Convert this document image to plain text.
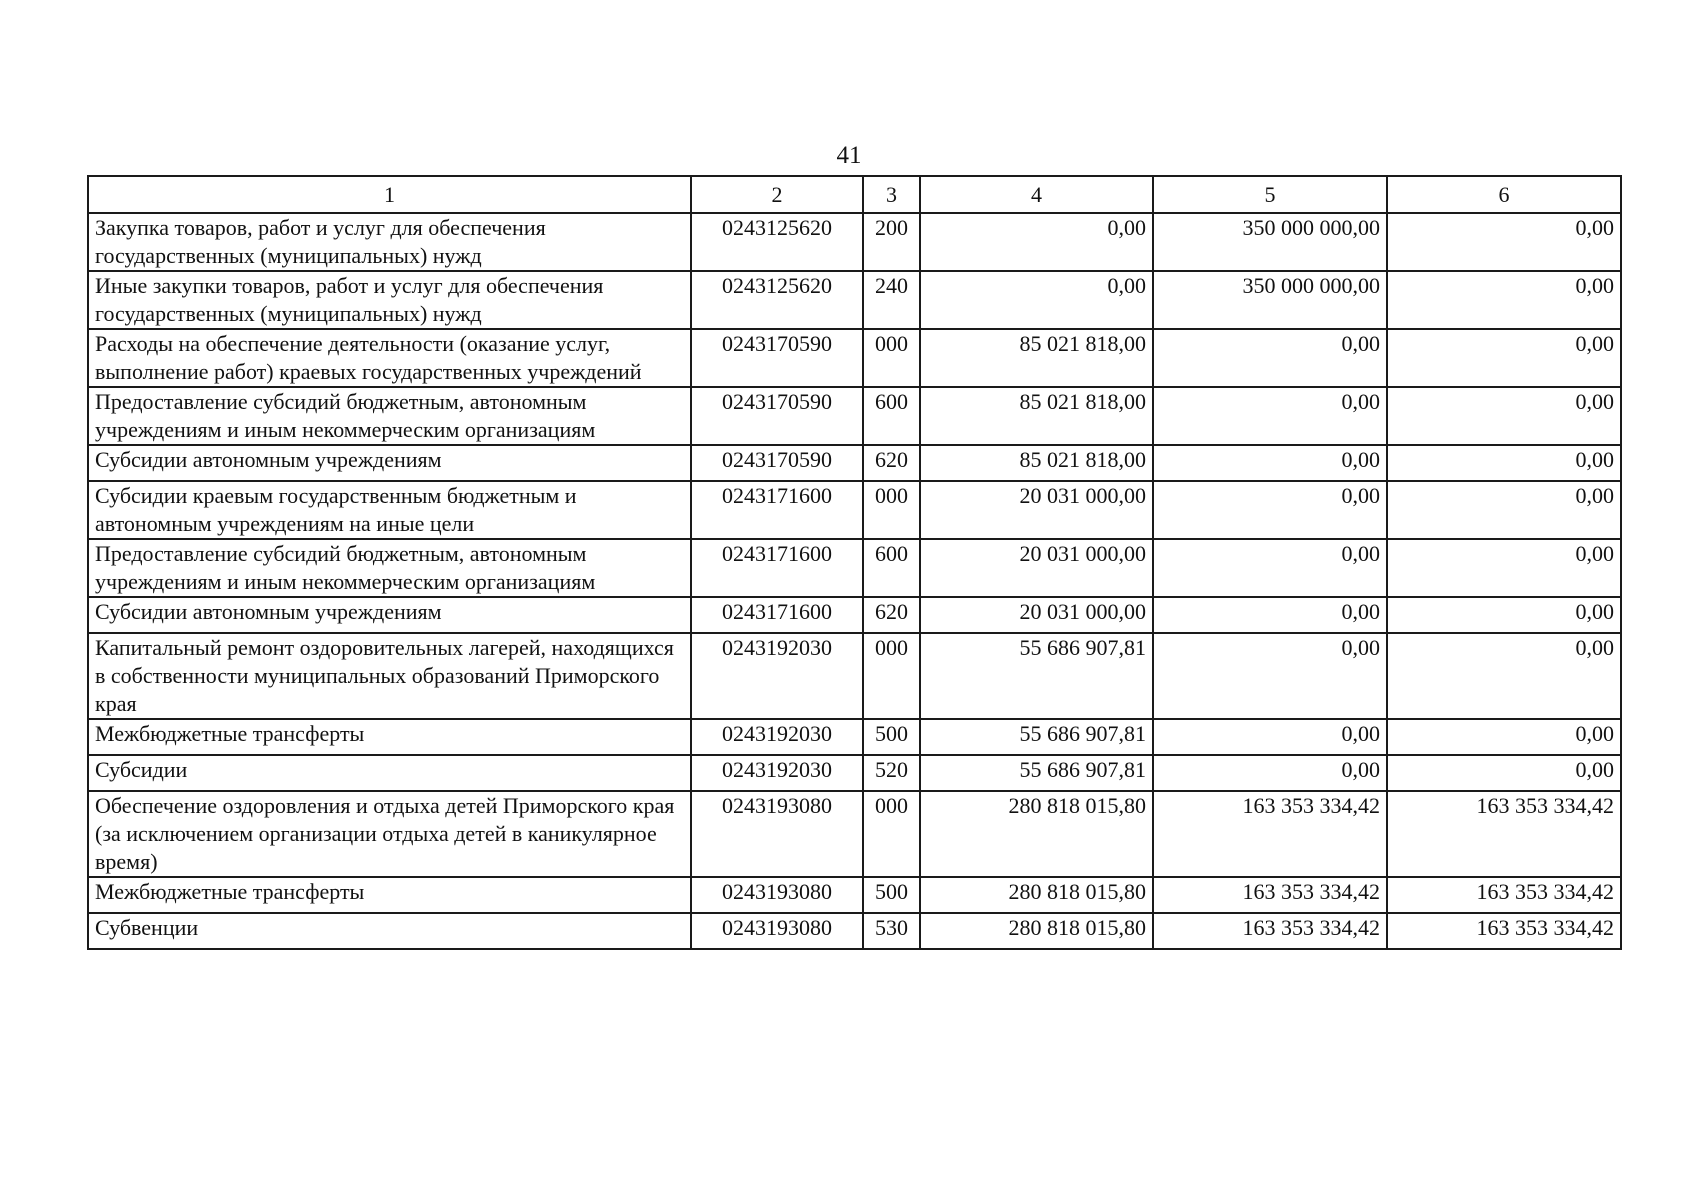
41
1	2	3	4	5	6
Закупка товаров, работ и услуг для обеспечения государственных (муниципальных) нужд	0243125620	200	0,00	350 000 000,00	0,00
Иные закупки товаров, работ и услуг для обеспечения государственных (муниципальных) нужд	0243125620	240	0,00	350 000 000,00	0,00
Расходы на обеспечение деятельности (оказание услуг, выполнение работ) краевых государственных учреждений	0243170590	000	85 021 818,00	0,00	0,00
Предоставление субсидий бюджетным, автономным учреждениям и иным некоммерческим организациям	0243170590	600	85 021 818,00	0,00	0,00
Субсидии автономным учреждениям	0243170590	620	85 021 818,00	0,00	0,00
Субсидии краевым государственным бюджетным и автономным учреждениям на иные цели	0243171600	000	20 031 000,00	0,00	0,00
Предоставление субсидий бюджетным, автономным учреждениям и иным некоммерческим организациям	0243171600	600	20 031 000,00	0,00	0,00
Субсидии автономным учреждениям	0243171600	620	20 031 000,00	0,00	0,00
Капитальный ремонт оздоровительных лагерей, находящихся в собственности муниципальных образований Приморского края	0243192030	000	55 686 907,81	0,00	0,00
Межбюджетные трансферты	0243192030	500	55 686 907,81	0,00	0,00
Субсидии	0243192030	520	55 686 907,81	0,00	0,00
Обеспечение оздоровления и отдыха детей Приморского края (за исключением организации отдыха детей в каникулярное время)	0243193080	000	280 818 015,80	163 353 334,42	163 353 334,42
Межбюджетные трансферты	0243193080	500	280 818 015,80	163 353 334,42	163 353 334,42
Субвенции	0243193080	530	280 818 015,80	163 353 334,42	163 353 334,42
